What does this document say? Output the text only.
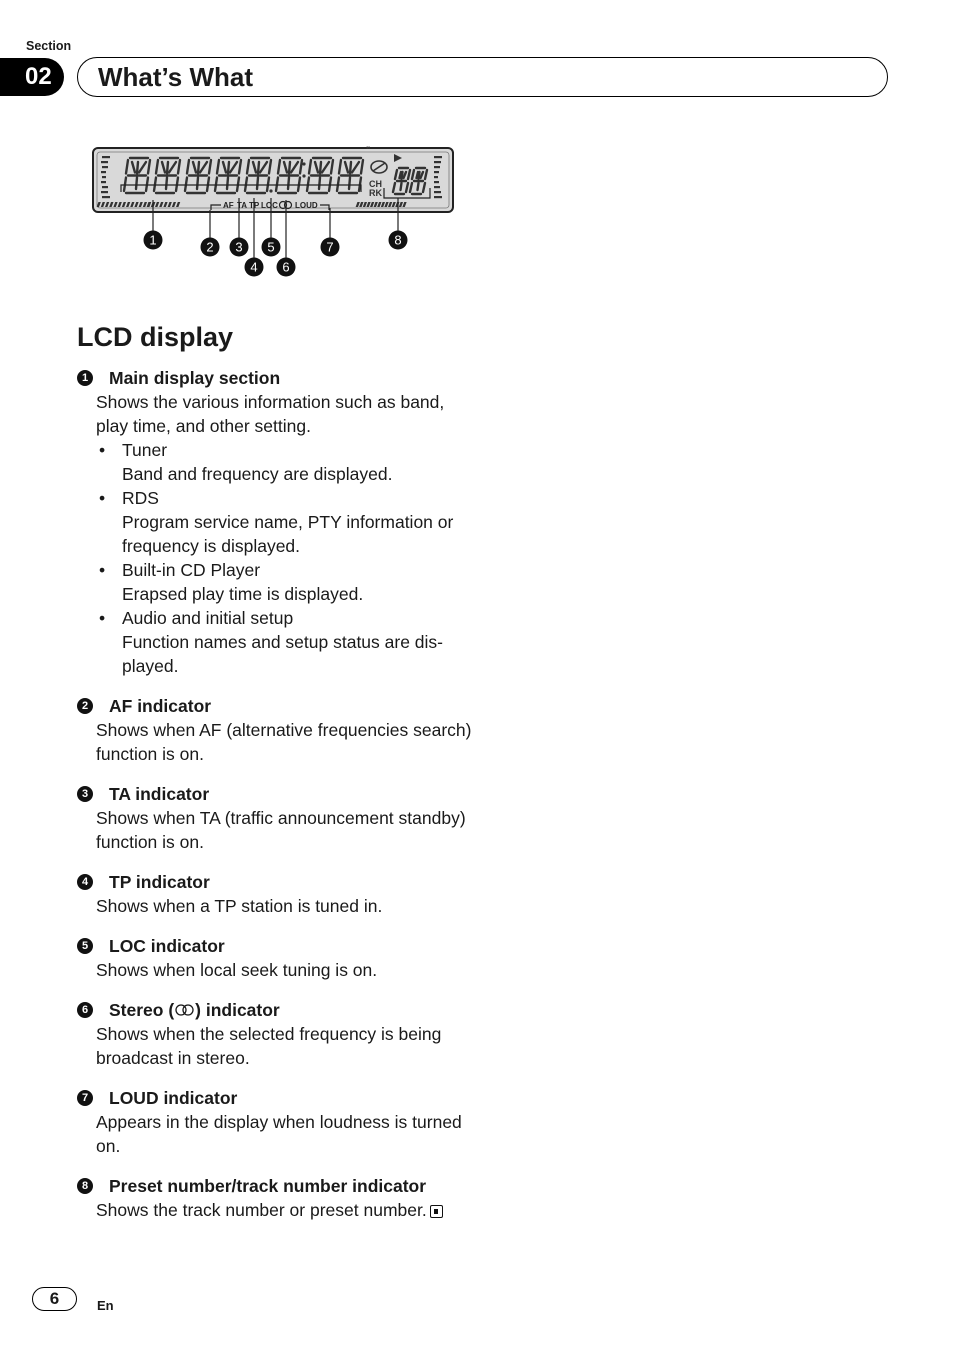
Section
02 What’s What
"
CH
RK
AF TA TP LOC LOUD
1	2 3
4
5
6
7	8
LCD display
1 Main display section
Shows the various information such as band, play time, and other setting.
• Tuner
Band and frequency are displayed.
• RDS
Program service name, PTY information or frequency is displayed.
• Built-in CD Player
Erapsed play time is displayed.
• Audio and initial setup
Function names and setup status are dis-played.
2 AF indicator
Shows when AF (alternative frequencies search) function is on.
3 TA indicator
Shows when TA (traffic announcement standby) function is on.
4 TP indicator
Shows when a TP station is tuned in.
5 LOC indicator
Shows when local seek tuning is on.
6 Stereo ( ) indicator
Shows when the selected frequency is being broadcast in stereo.
7 LOUD indicator
Appears in the display when loudness is turned on.
8 Preset number/track number indicator
Shows the track number or preset number.
6	En
